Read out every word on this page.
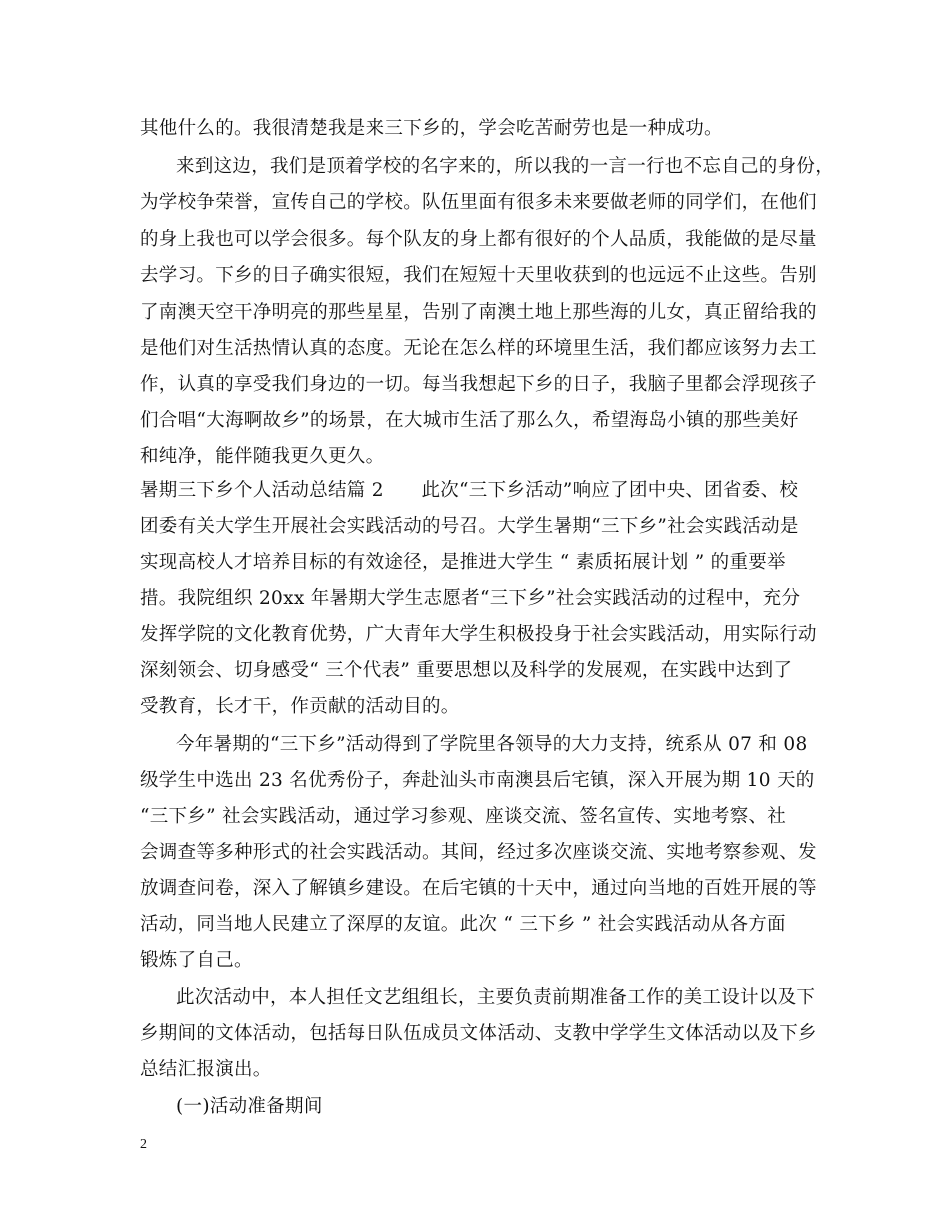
其他什么的。我很清楚我是来三下乡的，学会吃苦耐劳也是一种成功。
来到这边，我们是顶着学校的名字来的，所以我的一言一行也不忘自己的身份，
为学校争荣誉，宣传自己的学校。队伍里面有很多未来要做老师的同学们，在他们
的身上我也可以学会很多。每个队友的身上都有很好的个人品质，我能做的是尽量
去学习。下乡的日子确实很短，我们在短短十天里收获到的也远远不止这些。告别
了南澳天空干净明亮的那些星星，告别了南澳土地上那些海的儿女，真正留给我的
是他们对生活热情认真的态度。无论在怎么样的环境里生活，我们都应该努力去工
作，认真的享受我们身边的一切。每当我想起下乡的日子，我脑子里都会浮现孩子
们合唱“大海啊故乡”的场景，在大城市生活了那么久，希望海岛小镇的那些美好
和纯净，能伴随我更久更久。
暑期三下乡个人活动总结篇 2　　此次“三下乡活动”响应了团中央、团省委、校
团委有关大学生开展社会实践活动的号召。大学生暑期“三下乡”社会实践活动是
实现高校人才培养目标的有效途径，是推进大学生 “ 素质拓展计划 ” 的重要举
措。我院组织 20xx 年暑期大学生志愿者“三下乡”社会实践活动的过程中，充分
发挥学院的文化教育优势，广大青年大学生积极投身于社会实践活动，用实际行动
深刻领会、切身感受“ 三个代表” 重要思想以及科学的发展观，在实践中达到了
受教育，长才干，作贡献的活动目的。
今年暑期的“三下乡”活动得到了学院里各领导的大力支持，统系从 07 和 08
级学生中选出 23 名优秀份子，奔赴汕头市南澳县后宅镇，深入开展为期 10 天的
“三下乡” 社会实践活动，通过学习参观、座谈交流、签名宣传、实地考察、社
会调查等多种形式的社会实践活动。其间，经过多次座谈交流、实地考察参观、发
放调查问卷，深入了解镇乡建设。在后宅镇的十天中，通过向当地的百姓开展的等
活动，同当地人民建立了深厚的友谊。此次 “ 三下乡 ” 社会实践活动从各方面
锻炼了自己。
此次活动中，本人担任文艺组组长，主要负责前期准备工作的美工设计以及下
乡期间的文体活动，包括每日队伍成员文体活动、支教中学学生文体活动以及下乡
总结汇报演出。
(一)活动准备期间
2
